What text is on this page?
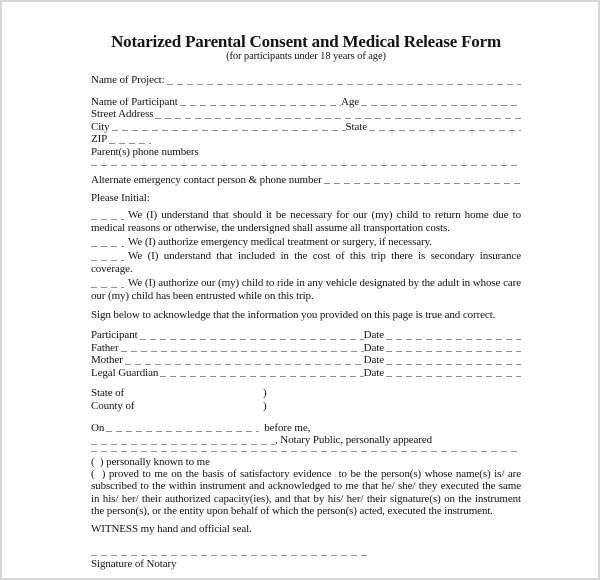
Notarized Parental Consent and Medical Release Form
(for participants under 18 years of age)
Name of Project:
Name of Participant	Age
Street Address
City	State
ZIP
Parent(s) phone numbers
Alternate emergency contact person & phone number
Please Initial:
We (I) understand that should it be necessary for our (my) child to return home due to medical reasons or otherwise, the undersigned shall assume all transportation costs.
We (I) authorize emergency medical treatment or surgery, if necessary.
We (I) understand that included in the cost of this trip there is secondary insurance coverage.
We (I) authorize our (my) child to ride in any vehicle designated by the adult in whose care our (my) child has been entrusted while on this trip.
Sign below to acknowledge that the information you provided on this page is true and correct.
Participant	Date
Father	Date
Mother	Date
Legal Guardian	Date
State of	)
County of	)
On	before me,
, Notary Public, personally appeared
(  ) personally known to me
(  ) proved to me on the basis of satisfactory evidence  to be the person(s) whose name(s) is/ are subscribed to the within instrument and acknowledged to me that he/ she/ they executed the same in his/ her/ their authorized capacity(ies), and that by his/ her/ their signature(s) on the instrument the person(s), or the entity upon behalf of which the person(s) acted, executed the instrument.
WITNESS my hand and official seal.
Signature of Notary
